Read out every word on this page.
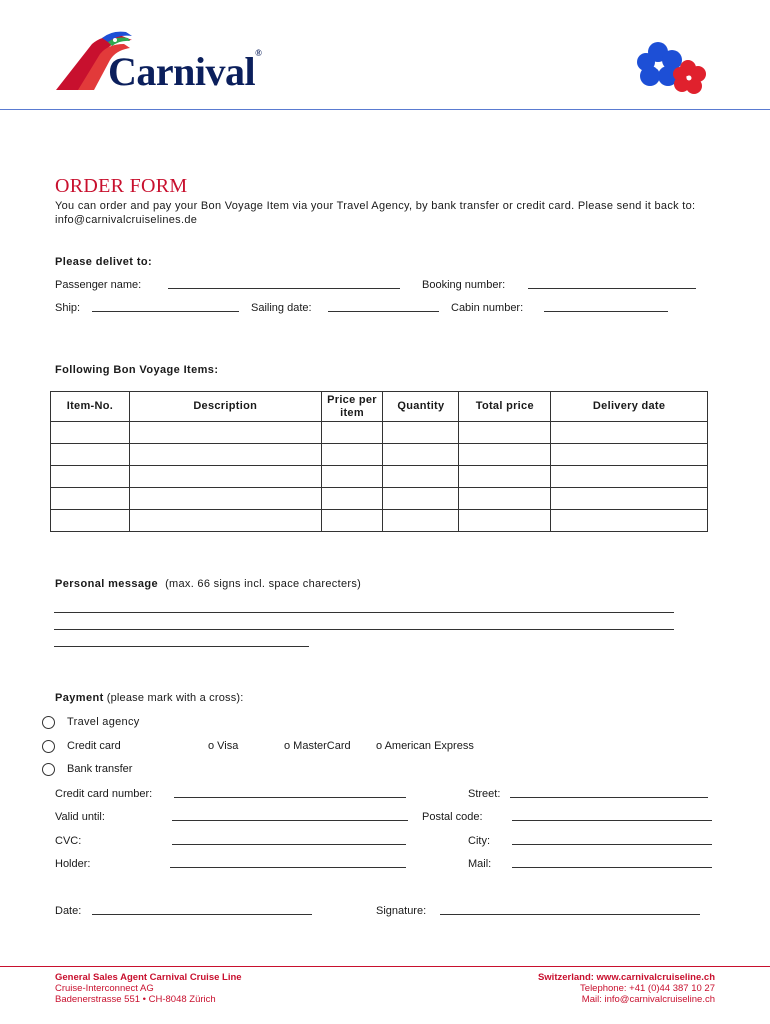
Carnival®
ORDER FORM
You can order and pay your Bon Voyage Item via your Travel Agency, by bank transfer or credit card. Please send it back to: info@carnivalcruiselines.de
Please delivet to:
Passenger name:	Booking number:
Ship:	Sailing date:	Cabin number:
Following Bon Voyage Items:
Item-No.	Description	Price per item	Quantity	Total price	Delivery date

Personal message (max. 66 signs incl. space charecters)
Payment (please mark with a cross):
Travel agency
Credit card	o Visa	o MasterCard o American Express
Bank transfer
Credit card number:	Street:
Valid until:	Postal code:
CVC:	City:
Holder:	Mail:
Date:	Signature:
General Sales Agent Carnival Cruise Line
Cruise-Interconnect AG
Badenerstrasse 551 • CH-8048 Zürich
Switzerland: www.carnivalcruiseline.ch
Telephone: +41 (0)44 387 10 27
Mail: info@carnivalcruiseline.ch
